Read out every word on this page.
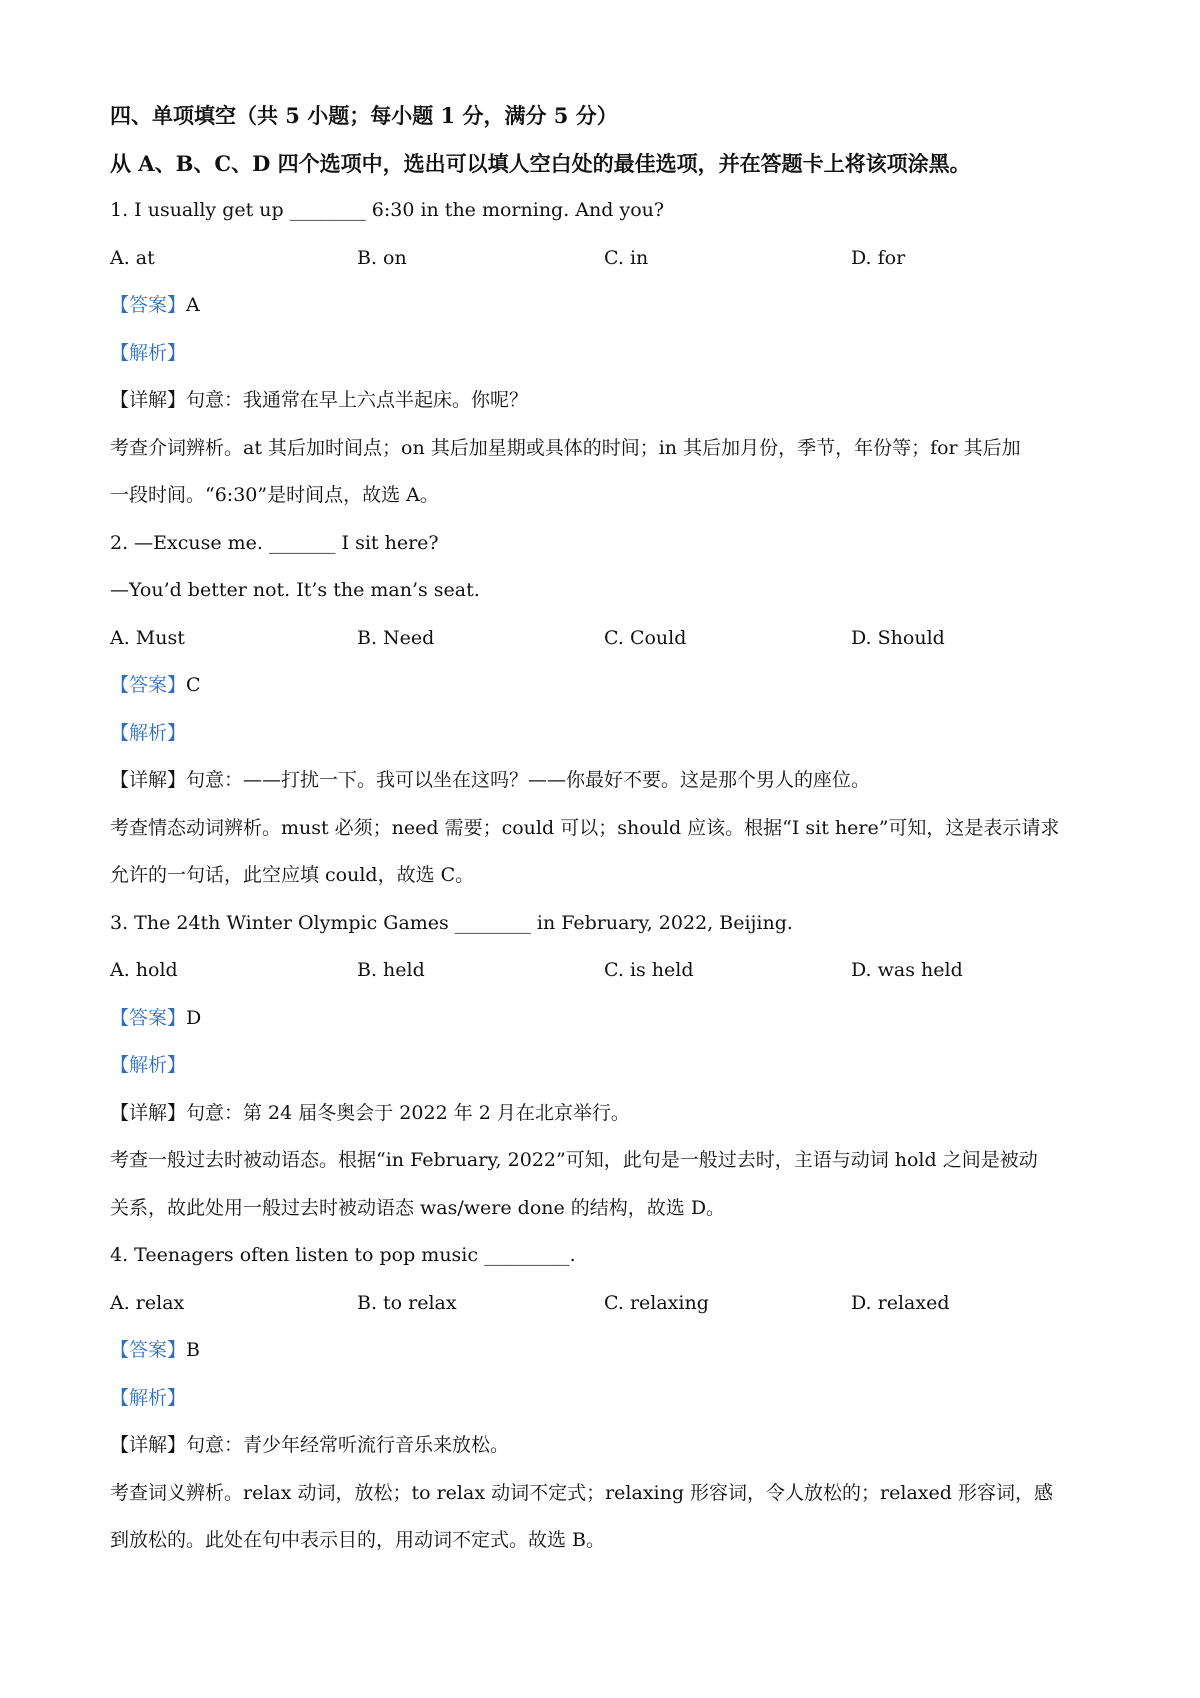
四、单项填空（共 5 小题；每小题 1 分，满分 5 分）
从 A、B、C、D 四个选项中，选出可以填人空白处的最佳选项，并在答题卡上将该项涂黑。
1. I usually get up ________ 6:30 in the morning. And you?
A. at	B. on	C. in	D. for
【答案】A
【解析】
【详解】句意：我通常在早上六点半起床。你呢？
考查介词辨析。at 其后加时间点；on 其后加星期或具体的时间；in 其后加月份，季节，年份等；for 其后加
一段时间。“6:30”是时间点，故选 A。
2. —Excuse me. _______ I sit here?
—You’d better not. It’s the man’s seat.
A. Must	B. Need	C. Could	D. Should
【答案】C
【解析】
【详解】句意：——打扰一下。我可以坐在这吗？——你最好不要。这是那个男人的座位。
考查情态动词辨析。must 必须；need 需要；could 可以；should 应该。根据“I sit here”可知，这是表示请求
允许的一句话，此空应填 could，故选 C。
3. The 24th Winter Olympic Games ________ in February, 2022, Beijing.
A. hold	B. held	C. is held	D. was held
【答案】D
【解析】
【详解】句意：第 24 届冬奥会于 2022 年 2 月在北京举行。
考查一般过去时被动语态。根据“in February, 2022”可知，此句是一般过去时，主语与动词 hold 之间是被动
关系，故此处用一般过去时被动语态 was/were done 的结构，故选 D。
4. Teenagers often listen to pop music _________.
A. relax	B. to relax	C. relaxing	D. relaxed
【答案】B
【解析】
【详解】句意：青少年经常听流行音乐来放松。
考查词义辨析。relax 动词，放松；to relax 动词不定式；relaxing 形容词，令人放松的；relaxed 形容词，感
到放松的。此处在句中表示目的，用动词不定式。故选 B。
